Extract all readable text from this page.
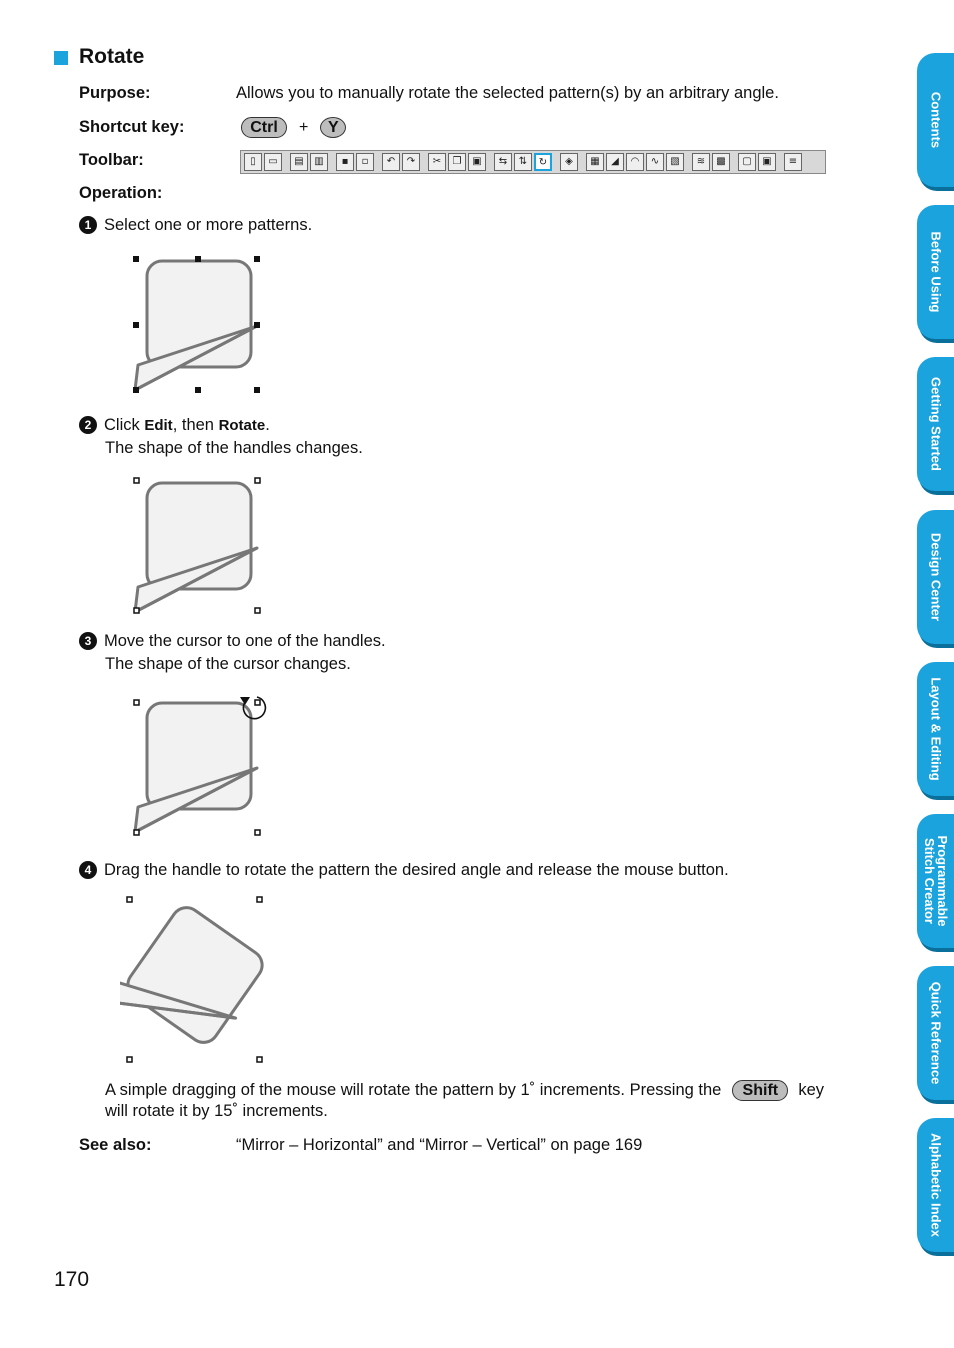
Rotate
Purpose:	Allows you to manually rotate the selected pattern(s) by an arbitrary angle.
Shortcut key:	Ctrl	+	Y
Toolbar:	▯	▭	▤	▥	▪	▫	↶	↷	✂	❐	▣	⇆	⇅	↻	◈	▦	◢	◠	∿	▧	≋	▩	▢	▣	≡
Operation:
1 Select one or more patterns.
2 Click Edit, then Rotate.
The shape of the handles changes.
3 Move the cursor to one of the handles.
The shape of the cursor changes.
4 Drag the handle to rotate the pattern the desired angle and release the mouse button.
A simple dragging of the mouse will rotate the pattern by 1˚ increments. Pressing the	Shift	key
will rotate it by 15˚ increments.
See also:	“Mirror – Horizontal” and “Mirror – Vertical” on page 169
170
Contents
Before Using
Getting Started
Design Center
Layout & Editing
Programmable Stitch Creator
Quick Reference
Alphabetic Index
